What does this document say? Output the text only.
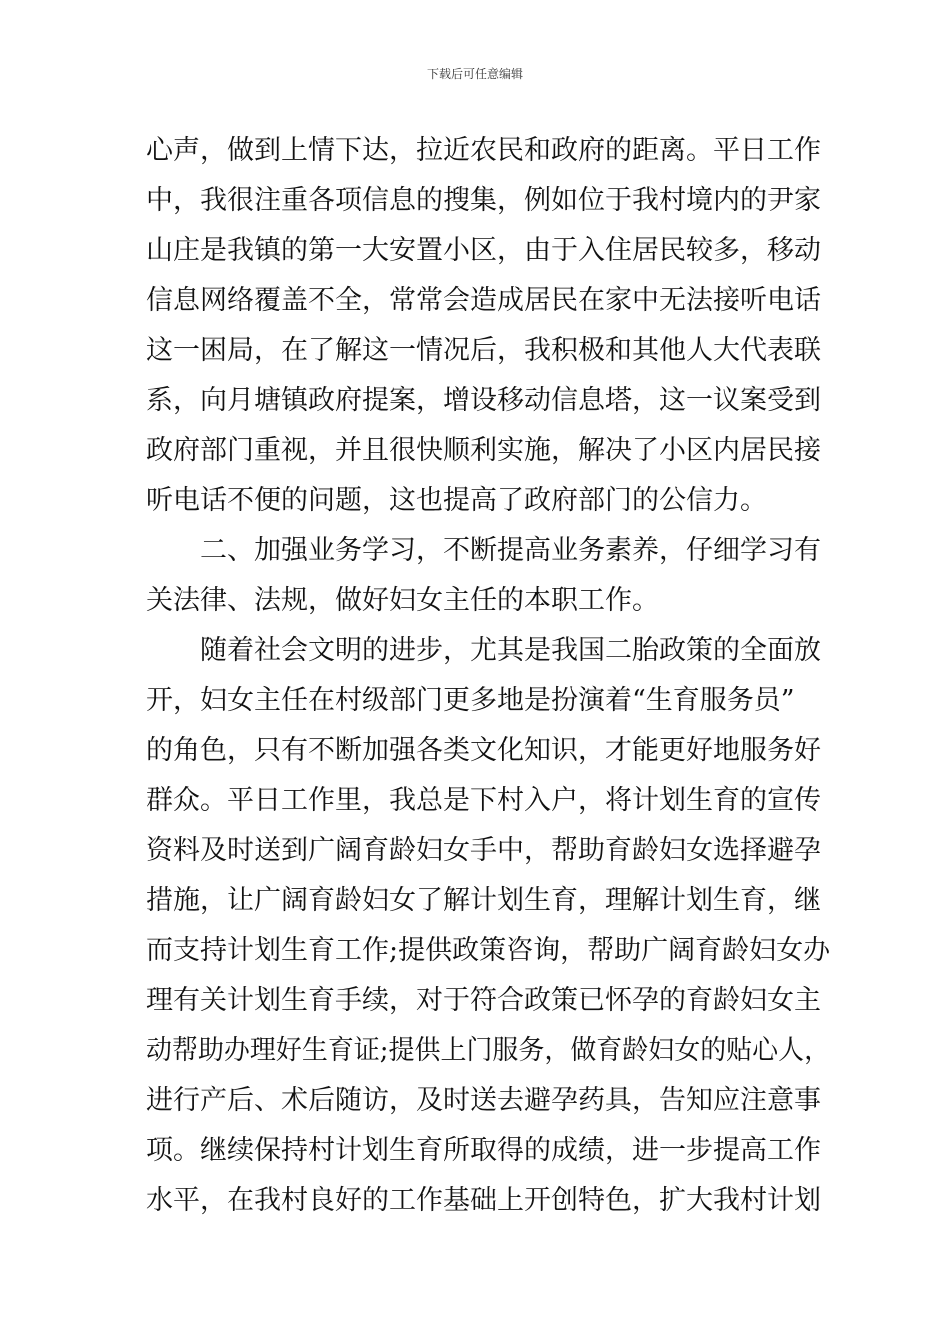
下载后可任意编辑
心声，做到上情下达，拉近农民和政府的距离。平日工作
中，我很注重各项信息的搜集，例如位于我村境内的尹家
山庄是我镇的第一大安置小区，由于入住居民较多，移动
信息网络覆盖不全，常常会造成居民在家中无法接听电话
这一困局，在了解这一情况后，我积极和其他人大代表联
系，向月塘镇政府提案，增设移动信息塔，这一议案受到
政府部门重视，并且很快顺利实施，解决了小区内居民接
听电话不便的问题，这也提高了政府部门的公信力。
二、加强业务学习，不断提高业务素养，仔细学习有
关法律、法规，做好妇女主任的本职工作。
随着社会文明的进步，尤其是我国二胎政策的全面放
开，妇女主任在村级部门更多地是扮演着“生育服务员”
的角色，只有不断加强各类文化知识，才能更好地服务好
群众。平日工作里，我总是下村入户，将计划生育的宣传
资料及时送到广阔育龄妇女手中，帮助育龄妇女选择避孕
措施，让广阔育龄妇女了解计划生育，理解计划生育，继
而支持计划生育工作;提供政策咨询，帮助广阔育龄妇女办
理有关计划生育手续，对于符合政策已怀孕的育龄妇女主
动帮助办理好生育证;提供上门服务，做育龄妇女的贴心人，
进行产后、术后随访，及时送去避孕药具，告知应注意事
项。继续保持村计划生育所取得的成绩，进一步提高工作
水平，在我村良好的工作基础上开创特色，扩大我村计划
